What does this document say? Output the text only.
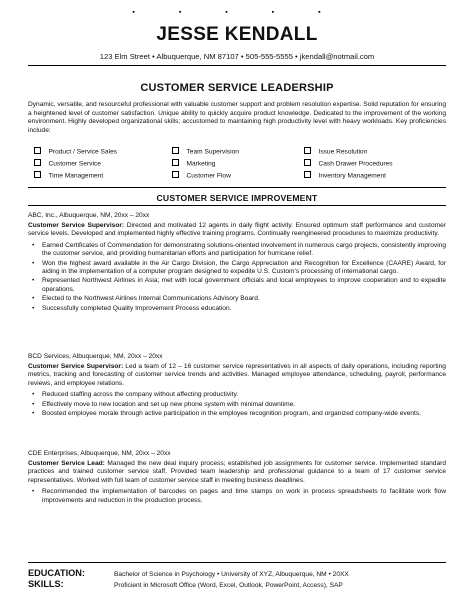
▪ ▪ ▪ ▪ ▪
JESSE KENDALL
123 Elm Street • Albuquerque, NM 87107 • 505-555-5555 • jkendall@notmail.com
CUSTOMER SERVICE LEADERSHIP
Dynamic, versatile, and resourceful professional with valuable customer support and problem resolution expertise. Solid reputation for ensuring a heightened level of customer satisfaction. Unique ability to quickly acquire product knowledge. Dedicated to the improvement of the working environment. Highly developed organizational skills; accustomed to maintaining high productivity level with heavy workloads. Key proficiencies include:
Product / Service Sales	Team Supervision	Issue Resolution
Customer Service	Marketing	Cash Drawer Procedures
Time Management	Customer Flow	Inventory Management
CUSTOMER SERVICE IMPROVEMENT
ABC, Inc., Albuquerque, NM, 20xx – 20xx
Customer Service Supervisor: Directed and motivated 12 agents in daily flight activity. Ensured optimum staff performance and customer service levels. Developed and implemented highly effective training programs. Continually reengineered procedures to maximize productivity.
• Earned Certificates of Commendation for demonstrating solutions-oriented involvement in numerous cargo projects, consistently improving the customer service, and providing humanitarian efforts and participation for hurricane relief.
• Won the highest award available in the Air Cargo Division, the Cargo Appreciation and Recognition for Excellence (CAARE) Award, for aiding in the implementation of a computer program designed to expedite U.S. Custom’s processing of international cargo.
• Represented Northwest Airlines in Asia; met with local government officials and local employees to improve cooperation and to expedite operations.
• Elected to the Northwest Airlines Internal Communications Advisory Board.
• Successfully completed Quality Improvement Process education.
BCD Services, Albuquerque, NM, 20xx – 20xx
Customer Service Supervisor: Led a team of 12 – 16 customer service representatives in all aspects of daily operations, including reporting metrics, tracking and forecasting of customer service trends and activities. Managed employee attendance, scheduling, payroll, performance reviews, and employee relations.
• Reduced staffing across the company without affecting productivity.
• Effectively move to new location and set up new phone system with minimal downtime.
• Boosted employee morale through active participation in the employee recognition program, and organized company-wide events.
CDE Enterprises, Albuquerque, NM, 20xx – 20xx
Customer Service Lead: Managed the new deal inquiry process; established job assignments for customer service. Implemented standard practices and trained customer service staff. Provided team leadership and professional guidance to a team of 17 customer service representatives. Worked with full team of customer service staff in meeting business deadlines.
• Recommended the implementation of barcodes on pages and time stamps on work in process spreadsheets to facilitate work flow improvements and reduction in the production process.
EDUCATION:	Bachelor of Science in Psychology • University of XYZ, Albuquerque, NM • 20XX
SKILLS:	Proficient in Microsoft Office (Word, Excel, Outlook, PowerPoint, Access), SAP
